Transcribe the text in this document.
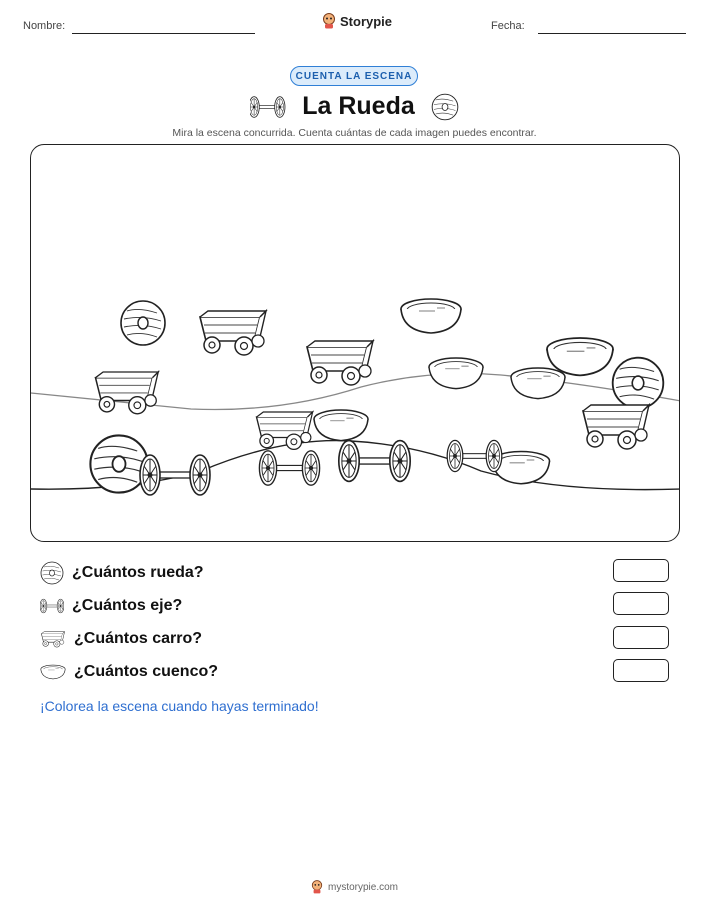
Nombre:	Storypie	Fecha:
CUENTA LA ESCENA
La Rueda
Mira la escena concurrida. Cuenta cuántas de cada imagen puedes encontrar.
¿Cuántos rueda?
¿Cuántos eje?
¿Cuántos carro?
¿Cuántos cuenco?
¡Colorea la escena cuando hayas terminado!
mystorypie.com
